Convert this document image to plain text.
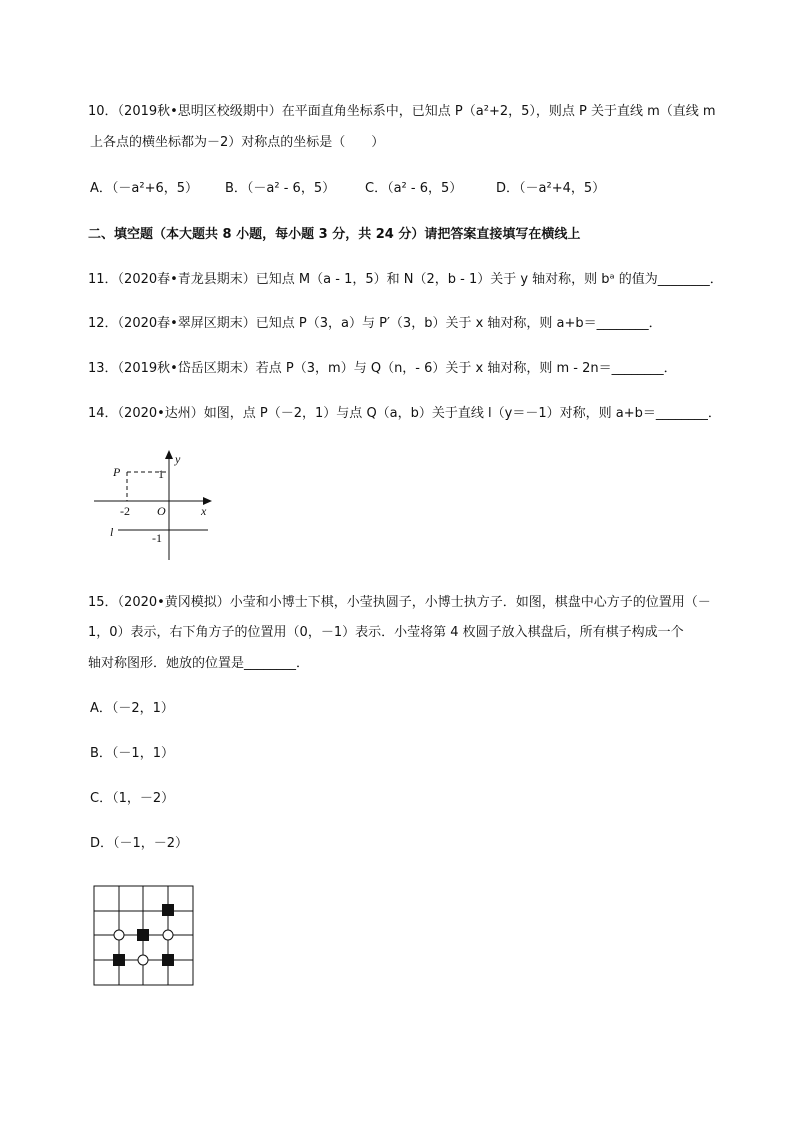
10．（2019秋•思明区校级期中）在平面直角坐标系中，已知点 P（a²+2，5），则点 P 关于直线 m（直线 m
上各点的横坐标都为－2）对称点的坐标是（　　）
A．（－a²+6，5） B．（－a² - 6，5） C．（a² - 6，5）	D．（－a²+4，5）
二、填空题（本大题共 8 小题，每小题 3 分，共 24 分）请把答案直接填写在横线上
11．（2020春•青龙县期末）已知点 M（a - 1，5）和 N（2，b - 1）关于 y 轴对称，则 bᵃ 的值为________．
12．（2020春•翠屏区期末）已知点 P（3，a）与 P′（3，b）关于 x 轴对称，则 a+b＝________．
13．（2019秋•岱岳区期末）若点 P（3，m）与 Q（n，- 6）关于 x 轴对称，则 m - 2n＝________．
14．（2020•达州）如图，点 P（－2，1）与点 Q（a，b）关于直线 l（y＝－1）对称，则 a+b＝________．
P
y
1
x
-2 O
l	-1
15．（2020•黄冈模拟）小莹和小博士下棋，小莹执圆子，小博士执方子．如图，棋盘中心方子的位置用（－
1，0）表示，右下角方子的位置用（0，－1）表示．小莹将第 4 枚圆子放入棋盘后，所有棋子构成一个
轴对称图形．她放的位置是________．
A．（－2，1）
B．（－1，1）
C．（1，－2）
D．（－1，－2）
